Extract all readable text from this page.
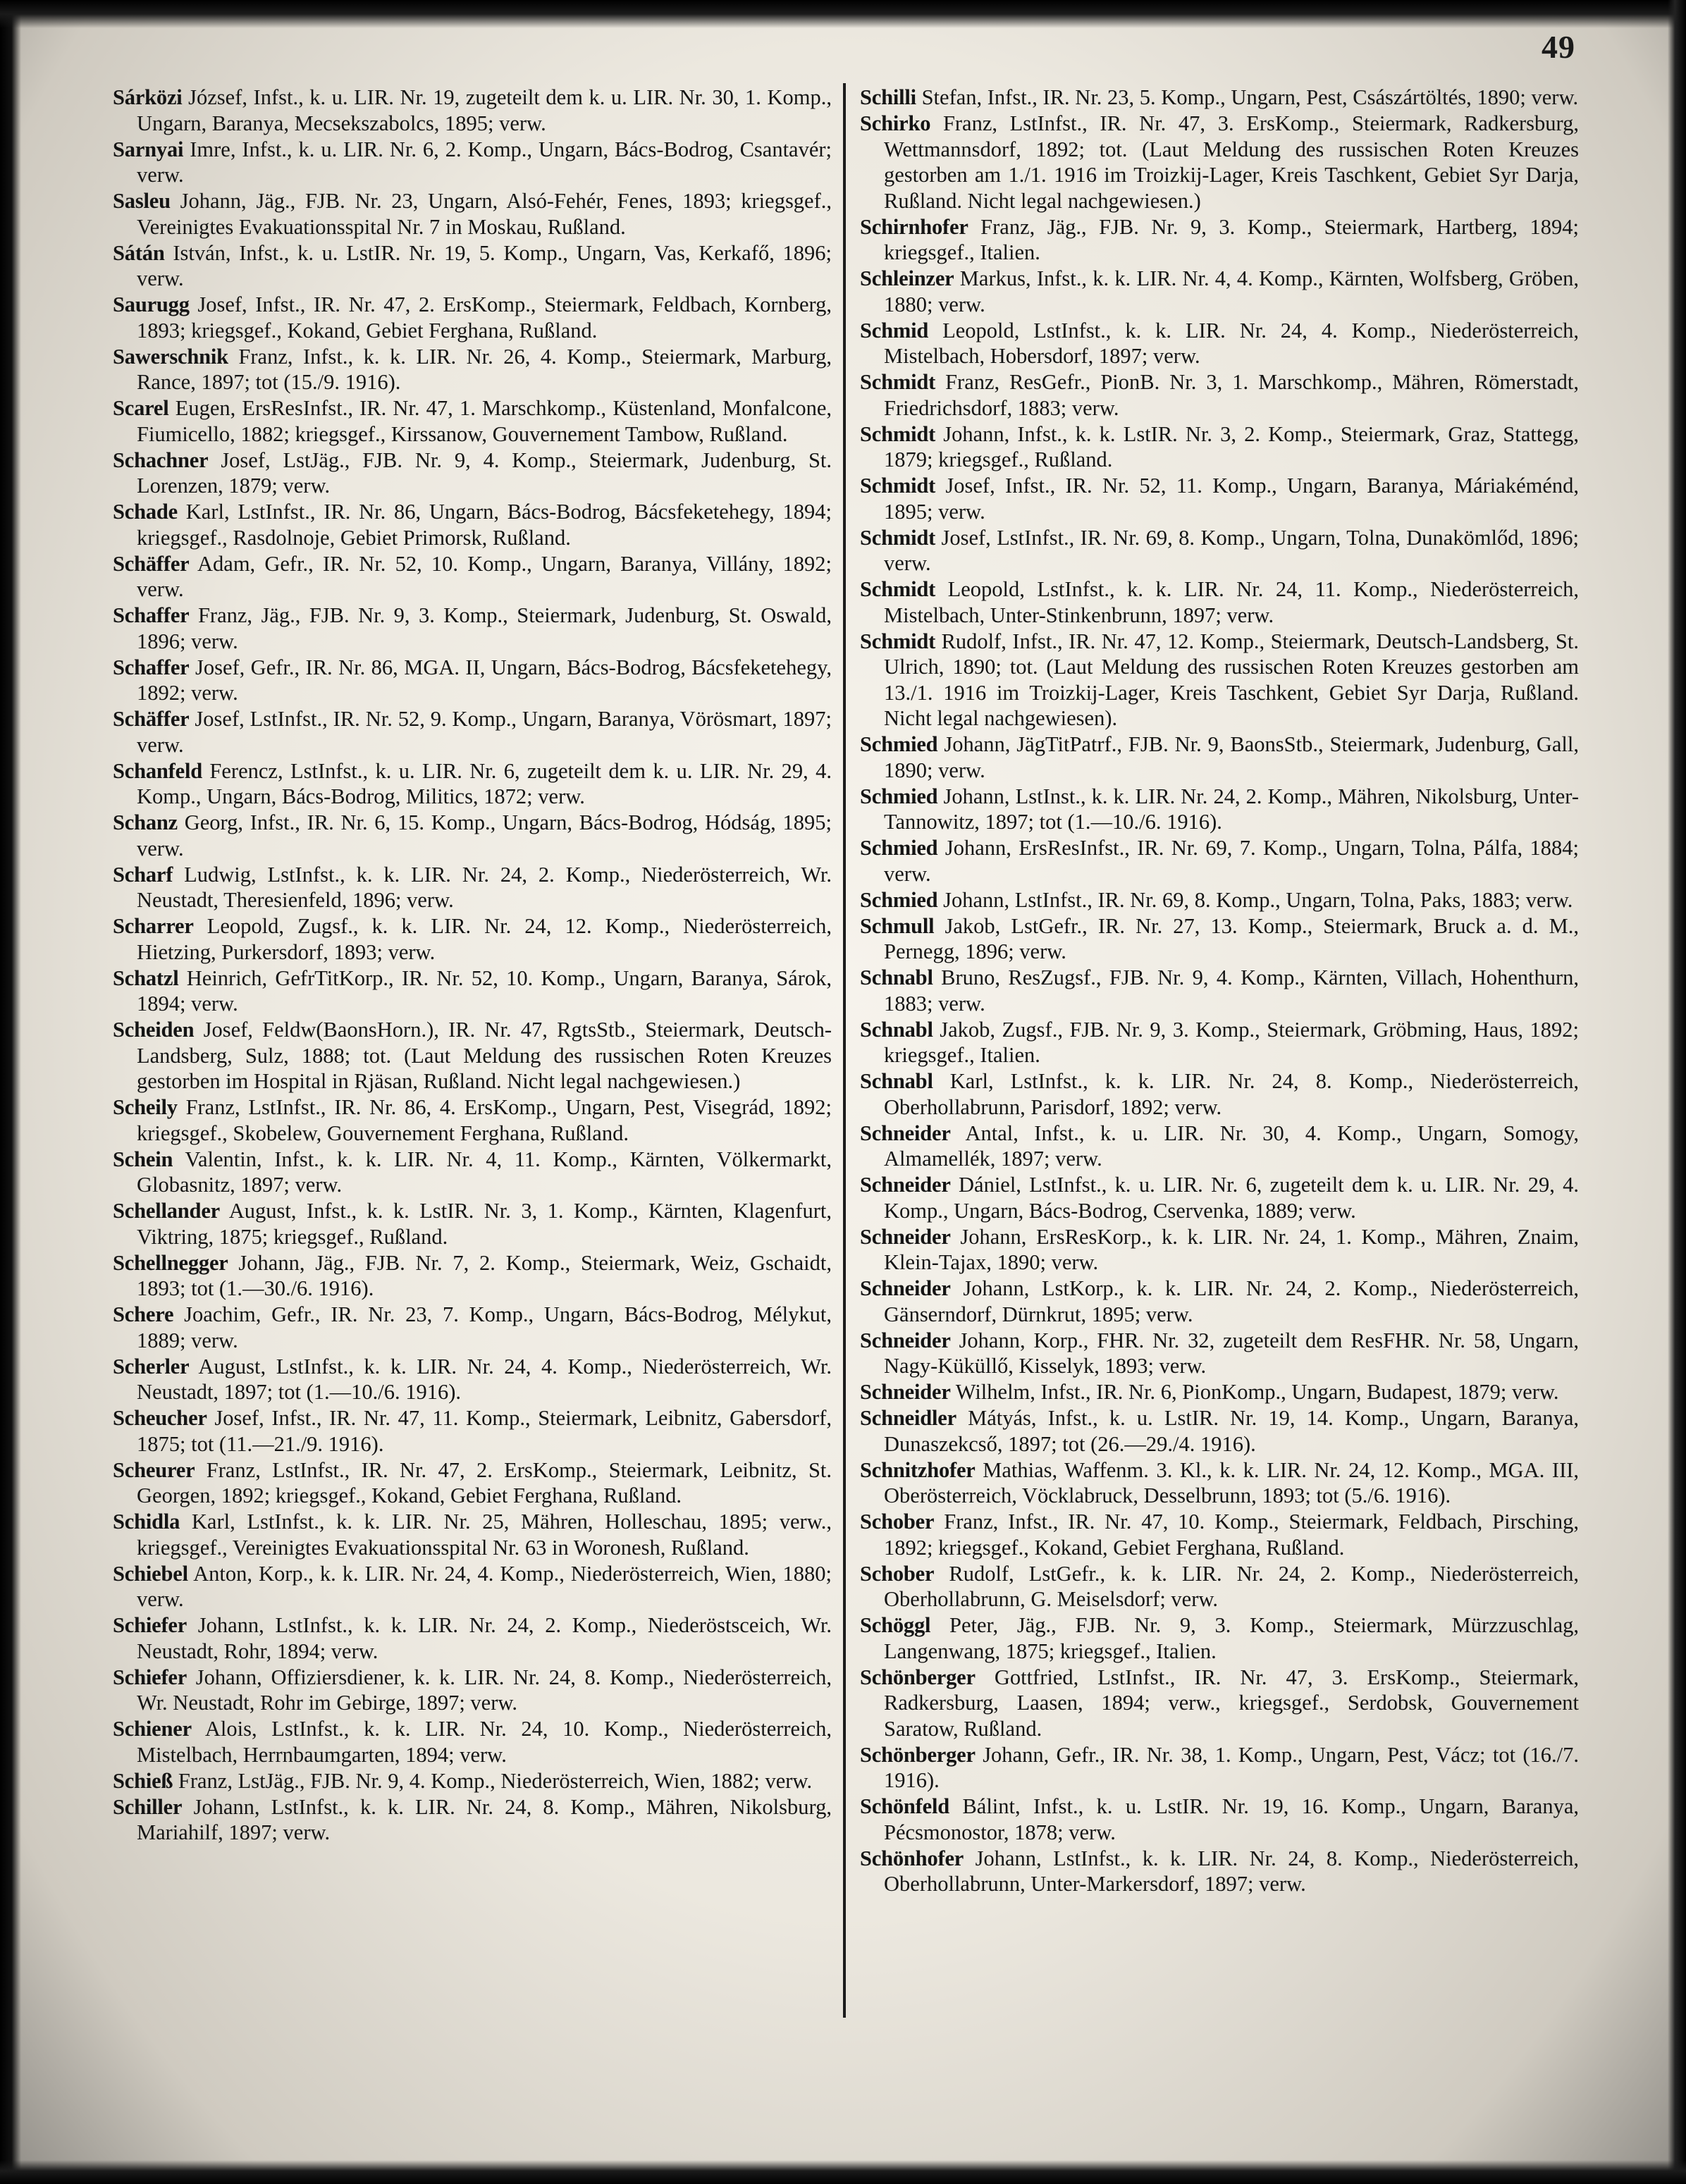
49

Sárközi József, Infst., k. u. LIR. Nr. 19, zugeteilt dem k. u. LIR. Nr. 30, 1. Komp., Ungarn, Baranya, Mecsekszabolcs, 1895; verw.

Sarnyai Imre, Infst., k. u. LIR. Nr. 6, 2. Komp., Ungarn, Bács-Bodrog, Csantavér; verw.

Sasleu Johann, Jäg., FJB. Nr. 23, Ungarn, Alsó-Fehér, Fenes, 1893; kriegsgef., Vereinigtes Evakuationsspital Nr. 7 in Moskau, Rußland.

Sátán István, Infst., k. u. LstIR. Nr. 19, 5. Komp., Ungarn, Vas, Kerkafő, 1896; verw.

Saurugg Josef, Infst., IR. Nr. 47, 2. ErsKomp., Steiermark, Feldbach, Kornberg, 1893; kriegsgef., Kokand, Gebiet Ferghana, Rußland.

Sawerschnik Franz, Infst., k. k. LIR. Nr. 26, 4. Komp., Steiermark, Marburg, Rance, 1897; tot (15./9. 1916).

Scarel Eugen, ErsResInfst., IR. Nr. 47, 1. Marschkomp., Küstenland, Monfalcone, Fiumicello, 1882; kriegsgef., Kirssanow, Gouvernement Tambow, Rußland.

Schachner Josef, LstJäg., FJB. Nr. 9, 4. Komp., Steiermark, Judenburg, St. Lorenzen, 1879; verw.

Schade Karl, LstInfst., IR. Nr. 86, Ungarn, Bács-Bodrog, Bácsfeketehegy, 1894; kriegsgef., Rasdolnoje, Gebiet Primorsk, Rußland.

Schäffer Adam, Gefr., IR. Nr. 52, 10. Komp., Ungarn, Baranya, Villány, 1892; verw.

Schaffer Franz, Jäg., FJB. Nr. 9, 3. Komp., Steiermark, Judenburg, St. Oswald, 1896; verw.

Schaffer Josef, Gefr., IR. Nr. 86, MGA. II, Ungarn, Bács-Bodrog, Bácsfeketehegy, 1892; verw.

Schäffer Josef, LstInfst., IR. Nr. 52, 9. Komp., Ungarn, Baranya, Vörösmart, 1897; verw.

Schanfeld Ferencz, LstInfst., k. u. LIR. Nr. 6, zugeteilt dem k. u. LIR. Nr. 29, 4. Komp., Ungarn, Bács-Bodrog, Militics, 1872; verw.

Schanz Georg, Infst., IR. Nr. 6, 15. Komp., Ungarn, Bács-Bodrog, Hódság, 1895; verw.

Scharf Ludwig, LstInfst., k. k. LIR. Nr. 24, 2. Komp., Niederösterreich, Wr. Neustadt, Theresienfeld, 1896; verw.

Scharrer Leopold, Zugsf., k. k. LIR. Nr. 24, 12. Komp., Niederösterreich, Hietzing, Purkersdorf, 1893; verw.

Schatzl Heinrich, GefrTitKorp., IR. Nr. 52, 10. Komp., Ungarn, Baranya, Sárok, 1894; verw.

Scheiden Josef, Feldw(BaonsHorn.), IR. Nr. 47, RgtsStb., Steiermark, Deutsch-Landsberg, Sulz, 1888; tot. (Laut Meldung des russischen Roten Kreuzes gestorben im Hospital in Rjäsan, Rußland. Nicht legal nachgewiesen.)

Scheily Franz, LstInfst., IR. Nr. 86, 4. ErsKomp., Ungarn, Pest, Visegrád, 1892; kriegsgef., Skobelew, Gouvernement Ferghana, Rußland.

Schein Valentin, Infst., k. k. LIR. Nr. 4, 11. Komp., Kärnten, Völkermarkt, Globasnitz, 1897; verw.

Schellander August, Infst., k. k. LstIR. Nr. 3, 1. Komp., Kärnten, Klagenfurt, Viktring, 1875; kriegsgef., Rußland.

Schellnegger Johann, Jäg., FJB. Nr. 7, 2. Komp., Steiermark, Weiz, Gschaidt, 1893; tot (1.—30./6. 1916).

Schere Joachim, Gefr., IR. Nr. 23, 7. Komp., Ungarn, Bács-Bodrog, Mélykut, 1889; verw.

Scherler August, LstInfst., k. k. LIR. Nr. 24, 4. Komp., Niederösterreich, Wr. Neustadt, 1897; tot (1.—10./6. 1916).

Scheucher Josef, Infst., IR. Nr. 47, 11. Komp., Steiermark, Leibnitz, Gabersdorf, 1875; tot (11.—21./9. 1916).

Scheurer Franz, LstInfst., IR. Nr. 47, 2. ErsKomp., Steiermark, Leibnitz, St. Georgen, 1892; kriegsgef., Kokand, Gebiet Ferghana, Rußland.

Schidla Karl, LstInfst., k. k. LIR. Nr. 25, Mähren, Holleschau, 1895; verw., kriegsgef., Vereinigtes Evakuationsspital Nr. 63 in Woronesh, Rußland.

Schiebel Anton, Korp., k. k. LIR. Nr. 24, 4. Komp., Niederösterreich, Wien, 1880; verw.

Schiefer Johann, LstInfst., k. k. LIR. Nr. 24, 2. Komp., Niederöstsceich, Wr. Neustadt, Rohr, 1894; verw.

Schiefer Johann, Offiziersdiener, k. k. LIR. Nr. 24, 8. Komp., Niederösterreich, Wr. Neustadt, Rohr im Gebirge, 1897; verw.

Schiener Alois, LstInfst., k. k. LIR. Nr. 24, 10. Komp., Niederösterreich, Mistelbach, Herrnbaumgarten, 1894; verw.

Schieß Franz, LstJäg., FJB. Nr. 9, 4. Komp., Niederösterreich, Wien, 1882; verw.

Schiller Johann, LstInfst., k. k. LIR. Nr. 24, 8. Komp., Mähren, Nikolsburg, Mariahilf, 1897; verw.

Schilli Stefan, Infst., IR. Nr. 23, 5. Komp., Ungarn, Pest, Császártöltés, 1890; verw.

Schirko Franz, LstInfst., IR. Nr. 47, 3. ErsKomp., Steiermark, Radkersburg, Wettmannsdorf, 1892; tot. (Laut Meldung des russischen Roten Kreuzes gestorben am 1./1. 1916 im Troizkij-Lager, Kreis Taschkent, Gebiet Syr Darja, Rußland. Nicht legal nachgewiesen.)

Schirnhofer Franz, Jäg., FJB. Nr. 9, 3. Komp., Steiermark, Hartberg, 1894; kriegsgef., Italien.

Schleinzer Markus, Infst., k. k. LIR. Nr. 4, 4. Komp., Kärnten, Wolfsberg, Gröben, 1880; verw.

Schmid Leopold, LstInfst., k. k. LIR. Nr. 24, 4. Komp., Niederösterreich, Mistelbach, Hobersdorf, 1897; verw.

Schmidt Franz, ResGefr., PionB. Nr. 3, 1. Marschkomp., Mähren, Römerstadt, Friedrichsdorf, 1883; verw.

Schmidt Johann, Infst., k. k. LstIR. Nr. 3, 2. Komp., Steiermark, Graz, Stattegg, 1879; kriegsgef., Rußland.

Schmidt Josef, Infst., IR. Nr. 52, 11. Komp., Ungarn, Baranya, Máriakéménd, 1895; verw.

Schmidt Josef, LstInfst., IR. Nr. 69, 8. Komp., Ungarn, Tolna, Dunakömlőd, 1896; verw.

Schmidt Leopold, LstInfst., k. k. LIR. Nr. 24, 11. Komp., Niederösterreich, Mistelbach, Unter-Stinkenbrunn, 1897; verw.

Schmidt Rudolf, Infst., IR. Nr. 47, 12. Komp., Steiermark, Deutsch-Landsberg, St. Ulrich, 1890; tot. (Laut Meldung des russischen Roten Kreuzes gestorben am 13./1. 1916 im Troizkij-Lager, Kreis Taschkent, Gebiet Syr Darja, Rußland. Nicht legal nachgewiesen).

Schmied Johann, JägTitPatrf., FJB. Nr. 9, BaonsStb., Steiermark, Judenburg, Gall, 1890; verw.

Schmied Johann, LstInst., k. k. LIR. Nr. 24, 2. Komp., Mähren, Nikolsburg, Unter-Tannowitz, 1897; tot (1.—10./6. 1916).

Schmied Johann, ErsResInfst., IR. Nr. 69, 7. Komp., Ungarn, Tolna, Pálfa, 1884; verw.

Schmied Johann, LstInfst., IR. Nr. 69, 8. Komp., Ungarn, Tolna, Paks, 1883; verw.

Schmull Jakob, LstGefr., IR. Nr. 27, 13. Komp., Steiermark, Bruck a. d. M., Pernegg, 1896; verw.

Schnabl Bruno, ResZugsf., FJB. Nr. 9, 4. Komp., Kärnten, Villach, Hohenthurn, 1883; verw.

Schnabl Jakob, Zugsf., FJB. Nr. 9, 3. Komp., Steiermark, Gröbming, Haus, 1892; kriegsgef., Italien.

Schnabl Karl, LstInfst., k. k. LIR. Nr. 24, 8. Komp., Niederösterreich, Oberhollabrunn, Parisdorf, 1892; verw.

Schneider Antal, Infst., k. u. LIR. Nr. 30, 4. Komp., Ungarn, Somogy, Almamellék, 1897; verw.

Schneider Dániel, LstInfst., k. u. LIR. Nr. 6, zugeteilt dem k. u. LIR. Nr. 29, 4. Komp., Ungarn, Bács-Bodrog, Cservenka, 1889; verw.

Schneider Johann, ErsResKorp., k. k. LIR. Nr. 24, 1. Komp., Mähren, Znaim, Klein-Tajax, 1890; verw.

Schneider Johann, LstKorp., k. k. LIR. Nr. 24, 2. Komp., Niederösterreich, Gänserndorf, Dürnkrut, 1895; verw.

Schneider Johann, Korp., FHR. Nr. 32, zugeteilt dem ResFHR. Nr. 58, Ungarn, Nagy-Küküllő, Kisselyk, 1893; verw.

Schneider Wilhelm, Infst., IR. Nr. 6, PionKomp., Ungarn, Budapest, 1879; verw.

Schneidler Mátyás, Infst., k. u. LstIR. Nr. 19, 14. Komp., Ungarn, Baranya, Dunaszekcső, 1897; tot (26.—29./4. 1916).

Schnitzhofer Mathias, Waffenm. 3. Kl., k. k. LIR. Nr. 24, 12. Komp., MGA. III, Oberösterreich, Vöcklabruck, Desselbrunn, 1893; tot (5./6. 1916).

Schober Franz, Infst., IR. Nr. 47, 10. Komp., Steiermark, Feldbach, Pirsching, 1892; kriegsgef., Kokand, Gebiet Ferghana, Rußland.

Schober Rudolf, LstGefr., k. k. LIR. Nr. 24, 2. Komp., Niederösterreich, Oberhollabrunn, G. Meiselsdorf; verw.

Schöggl Peter, Jäg., FJB. Nr. 9, 3. Komp., Steiermark, Mürzzuschlag, Langenwang, 1875; kriegsgef., Italien.

Schönberger Gottfried, LstInfst., IR. Nr. 47, 3. ErsKomp., Steiermark, Radkersburg, Laasen, 1894; verw., kriegsgef., Serdobsk, Gouvernement Saratow, Rußland.

Schönberger Johann, Gefr., IR. Nr. 38, 1. Komp., Ungarn, Pest, Vácz; tot (16./7. 1916).

Schönfeld Bálint, Infst., k. u. LstIR. Nr. 19, 16. Komp., Ungarn, Baranya, Pécsmonostor, 1878; verw.

Schönhofer Johann, LstInfst., k. k. LIR. Nr. 24, 8. Komp., Niederösterreich, Oberhollabrunn, Unter-Markersdorf, 1897; verw.
